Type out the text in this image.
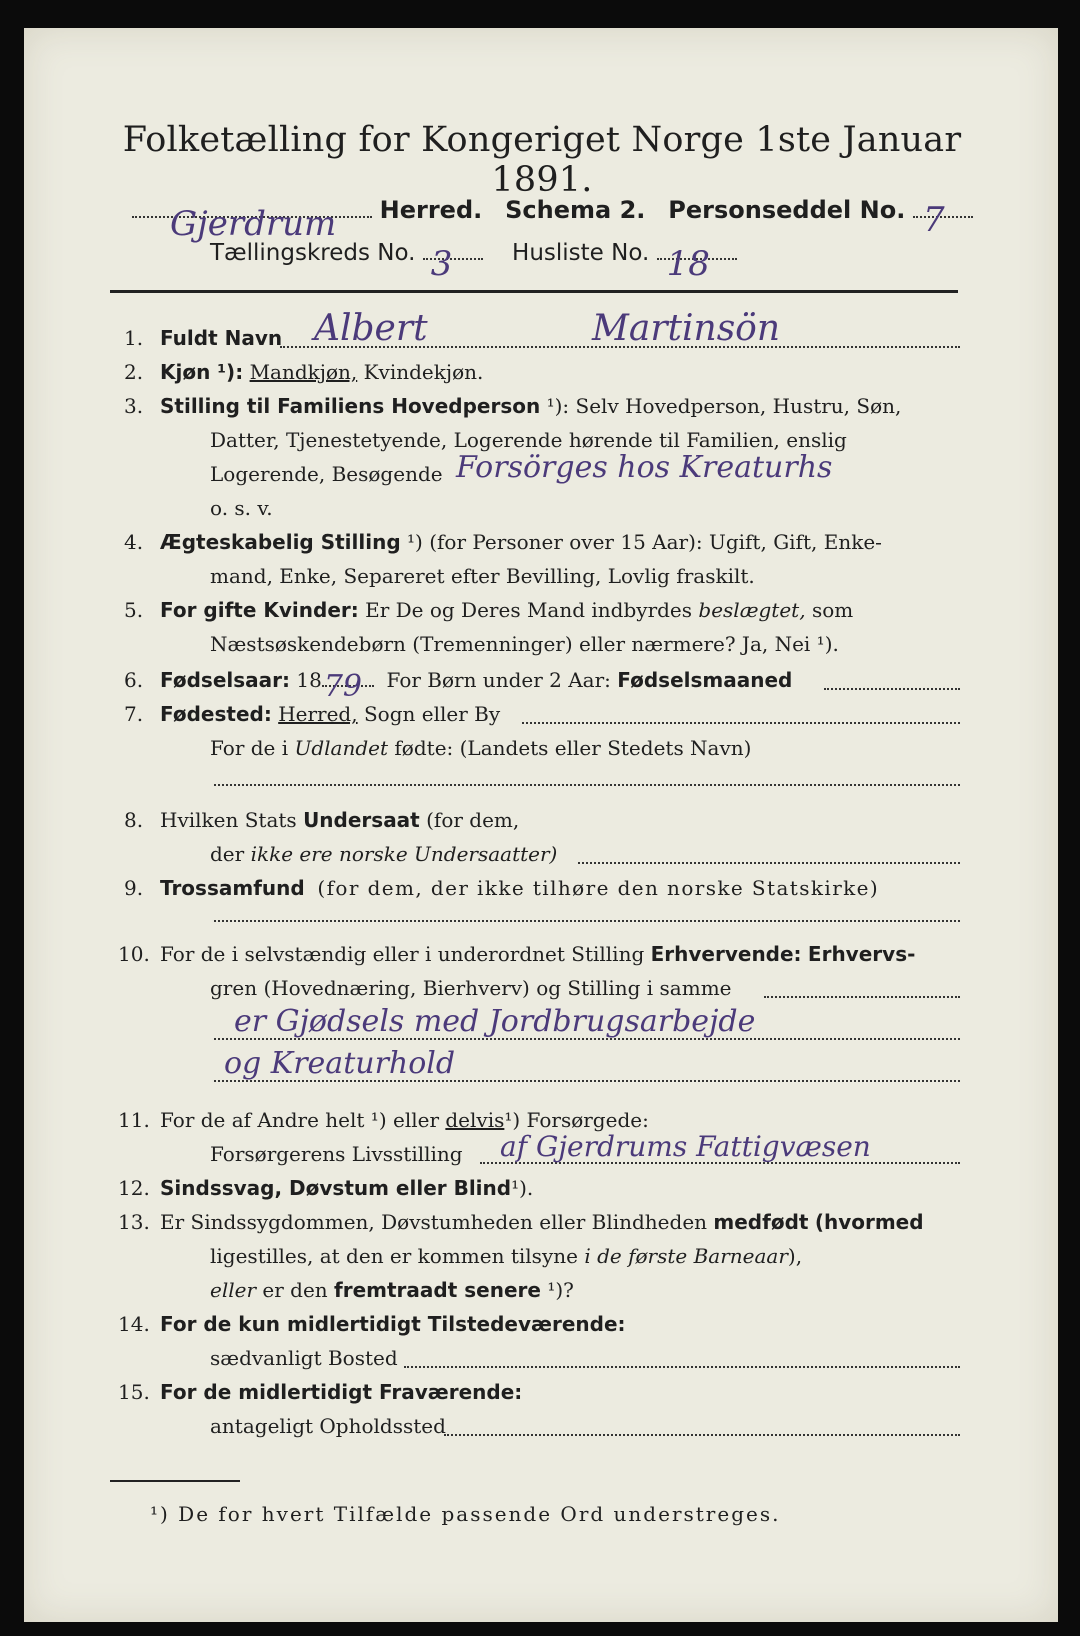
Folketælling for Kongeriget Norge 1ste Januar 1891.
Gjerdrum Herred. Schema 2. Personseddel No. 7
Tællingskreds No. 3	Husliste No. 18
1. Fuldt Navn Albert	Martinsön
2. Kjøn ¹): Mandkjøn, Kvindekjøn.
3. Stilling til Familiens Hovedperson ¹): Selv Hovedperson, Hustru, Søn,
Datter, Tjenestetyende, Logerende hørende til Familien, enslig
Logerende, Besøgende Forsörges hos Kreaturhs
o. s. v.
4. Ægteskabelig Stilling ¹) (for Personer over 15 Aar): Ugift, Gift, Enke-
mand, Enke, Separeret efter Bevilling, Lovlig fraskilt.
5. For gifte Kvinder: Er De og Deres Mand indbyrdes beslægtet, som
Næstsøskendebørn (Tremenninger) eller nærmere? Ja, Nei ¹).
6. Fødselsaar: 18 79 For Børn under 2 Aar: Fødselsmaaned
7. Fødested: Herred, Sogn eller By
For de i Udlandet fødte: (Landets eller Stedets Navn)
8. Hvilken Stats Undersaat (for dem,
der ikke ere norske Undersaatter)
9. Trossamfund (for dem, der ikke tilhøre den norske Statskirke)
10. For de i selvstændig eller i underordnet Stilling Erhvervende: Erhvervs-
gren (Hovednæring, Bierhverv) og Stilling i samme
er Gjødsels med Jordbrugsarbejde
og Kreaturhold
11. For de af Andre helt ¹) eller delvis¹) Forsørgede:
Forsørgerens Livsstilling af Gjerdrums Fattigvæsen
12. Sindssvag, Døvstum eller Blind¹).
13. Er Sindssygdommen, Døvstumheden eller Blindheden medfødt (hvormed
ligestilles, at den er kommen tilsyne i de første Barneaar),
eller er den fremtraadt senere ¹)?
14. For de kun midlertidigt Tilstedeværende:
sædvanligt Bosted
15. For de midlertidigt Fraværende:
antageligt Opholdssted
¹) De for hvert Tilfælde passende Ord understreges.
